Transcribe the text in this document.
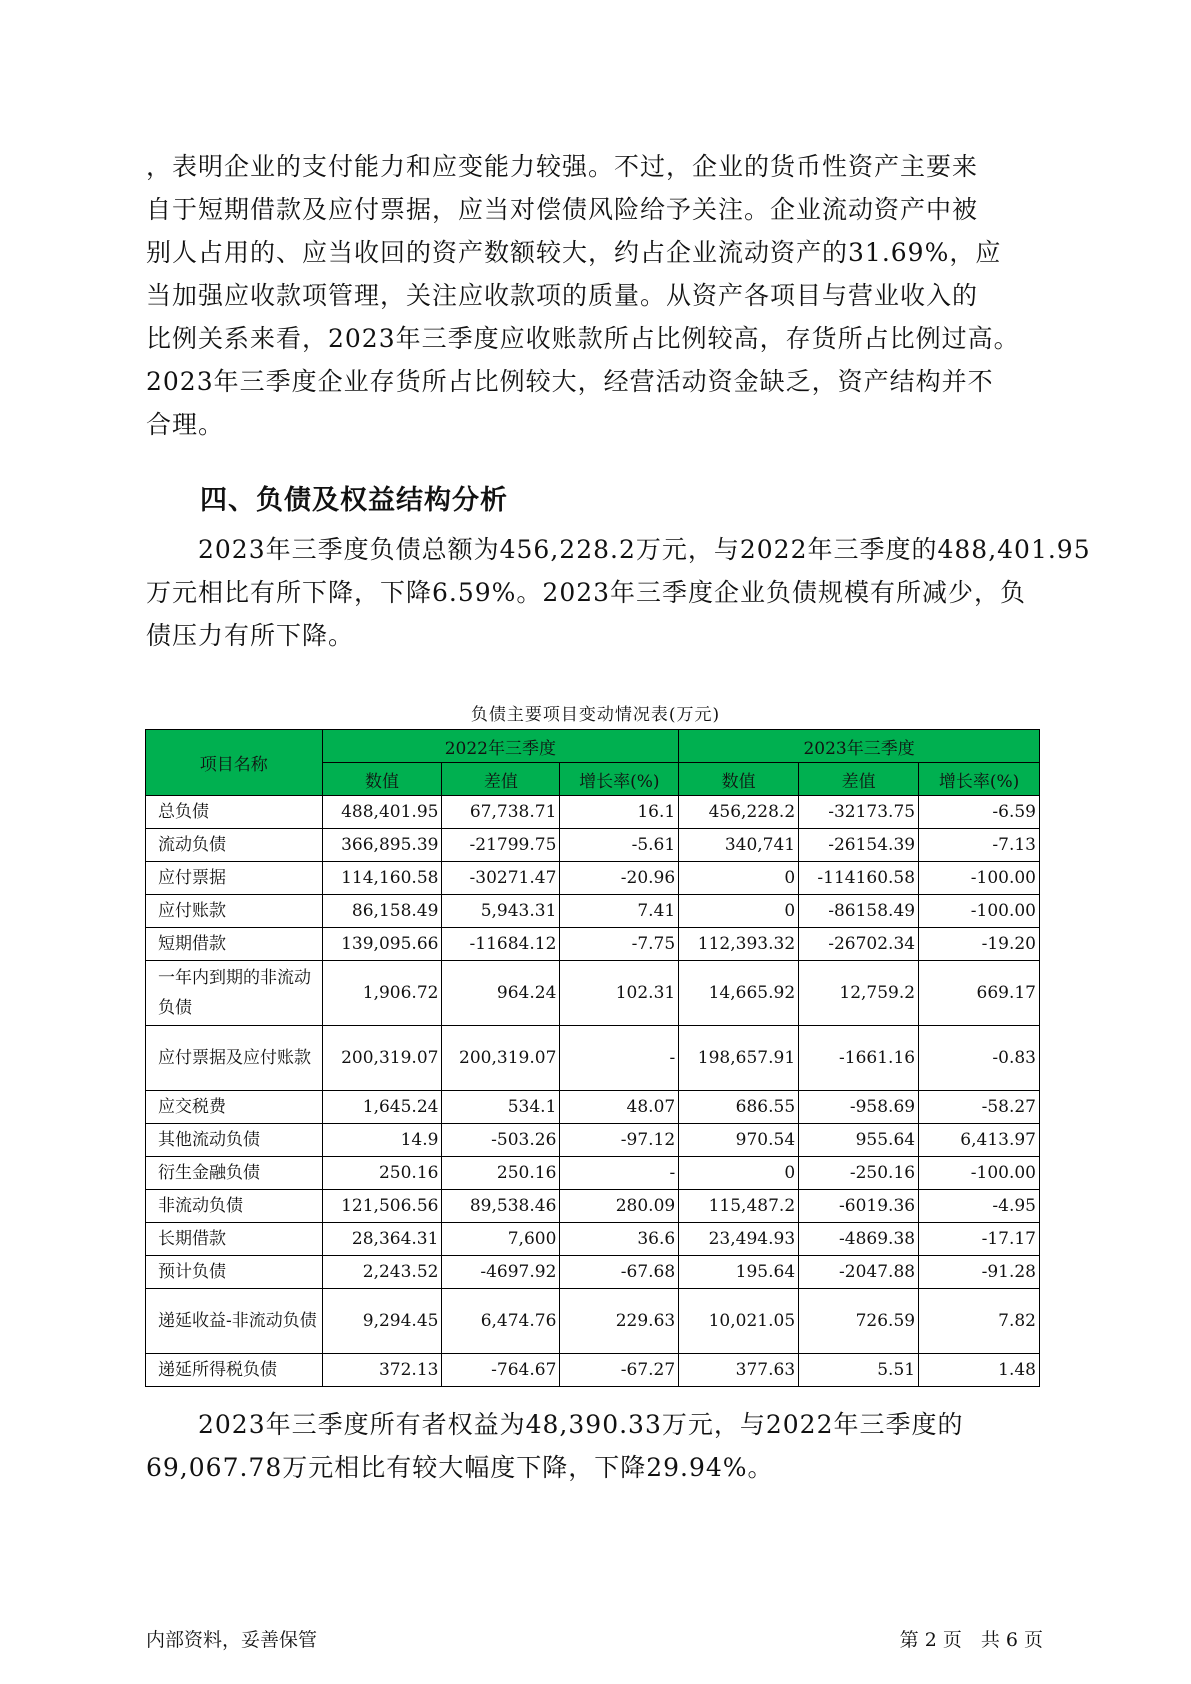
，表明企业的支付能力和应变能力较强。不过，企业的货币性资产主要来
自于短期借款及应付票据，应当对偿债风险给予关注。企业流动资产中被
别人占用的、应当收回的资产数额较大，约占企业流动资产的31.69%，应
当加强应收款项管理，关注应收款项的质量。从资产各项目与营业收入的
比例关系来看，2023年三季度应收账款所占比例较高，存货所占比例过高。
2023年三季度企业存货所占比例较大，经营活动资金缺乏，资产结构并不
合理。
四、负债及权益结构分析
　　2023年三季度负债总额为456,228.2万元，与2022年三季度的488,401.95
万元相比有所下降，下降6.59%。2023年三季度企业负债规模有所减少，负
债压力有所下降。
负债主要项目变动情况表(万元)
项目名称	2022年三季度			2023年三季度		
	数值	差值	增长率(%)	数值	差值	增长率(%)
总负债	488,401.95	67,738.71	16.1	456,228.2	-32173.75	-6.59
流动负债	366,895.39	-21799.75	-5.61	340,741	-26154.39	-7.13
应付票据	114,160.58	-30271.47	-20.96	0	-114160.58	-100.00
应付账款	86,158.49	5,943.31	7.41	0	-86158.49	-100.00
短期借款	139,095.66	-11684.12	-7.75	112,393.32	-26702.34	-19.20
一年内到期的非流动负债	1,906.72	964.24	102.31	14,665.92	12,759.2	669.17
应付票据及应付账款	200,319.07	200,319.07	-	198,657.91	-1661.16	-0.83
应交税费	1,645.24	534.1	48.07	686.55	-958.69	-58.27
其他流动负债	14.9	-503.26	-97.12	970.54	955.64	6,413.97
衍生金融负债	250.16	250.16	-	0	-250.16	-100.00
非流动负债	121,506.56	89,538.46	280.09	115,487.2	-6019.36	-4.95
长期借款	28,364.31	7,600	36.6	23,494.93	-4869.38	-17.17
预计负债	2,243.52	-4697.92	-67.68	195.64	-2047.88	-91.28
递延收益-非流动负债	9,294.45	6,474.76	229.63	10,021.05	726.59	7.82
递延所得税负债	372.13	-764.67	-67.27	377.63	5.51	1.48
　　2023年三季度所有者权益为48,390.33万元，与2022年三季度的
69,067.78万元相比有较大幅度下降，下降29.94%。
内部资料，妥善保管	第 2 页　共 6 页
